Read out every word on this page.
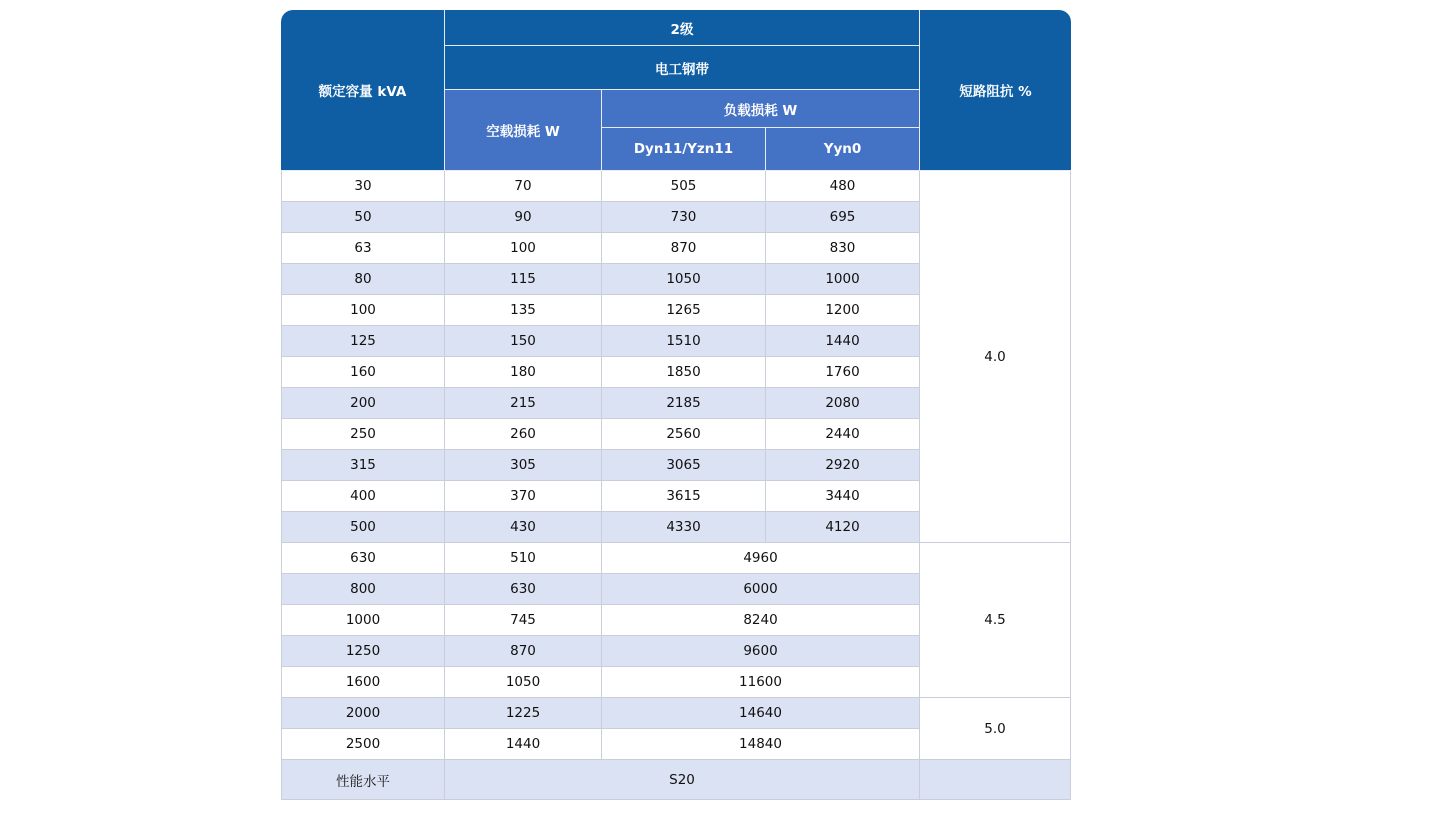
额定容量 kVA	2级			短路阻抗 %
	电工钢带			
	空载损耗 W	负载损耗 W		
		Dyn11/Yzn11	Yyn0	
30	70	505	480	4.0
50	90	730	695	
63	100	870	830	
80	115	1050	1000	
100	135	1265	1200	
125	150	1510	1440	
160	180	1850	1760	
200	215	2185	2080	
250	260	2560	2440	
315	305	3065	2920	
400	370	3615	3440	
500	430	4330	4120	
630	510	4960		4.5
800	630	6000		
1000	745	8240		
1250	870	9600		
1600	1050	11600		
2000	1225	14640		5.0
2500	1440	14840		
性能水平	S20			
